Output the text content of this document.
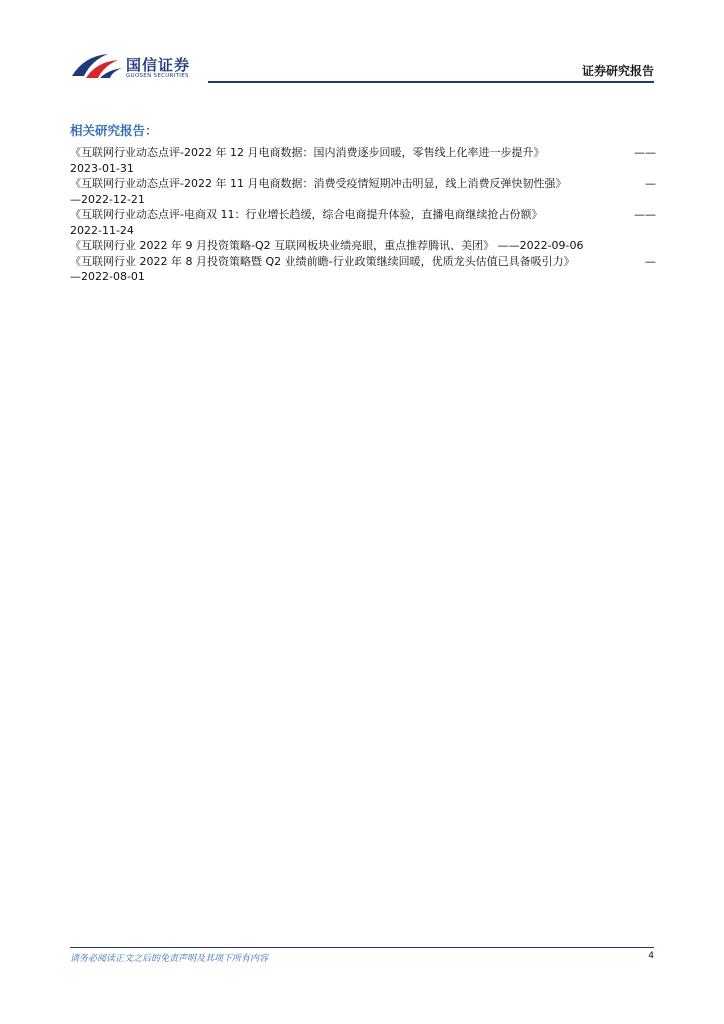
国信证券
GUOSEN SECURITIES	证券研究报告
相关研究报告：
《互联网行业动态点评-2022 年 12 月电商数据：国内消费逐步回暖，零售线上化率进一步提升》	——
2023-01-31
《互联网行业动态点评-2022 年 11 月电商数据：消费受疫情短期冲击明显，线上消费反弹快韧性强》	—
—2022-12-21
《互联网行业动态点评-电商双 11：行业增长趋缓，综合电商提升体验，直播电商继续抢占份额》	——
2022-11-24
《互联网行业 2022 年 9 月投资策略-Q2 互联网板块业绩亮眼，重点推荐腾讯、美团》 ——2022-09-06
《互联网行业 2022 年 8 月投资策略暨 Q2 业绩前瞻-行业政策继续回暖，优质龙头估值已具备吸引力》	—
—2022-08-01
请务必阅读正文之后的免责声明及其项下所有内容	4
